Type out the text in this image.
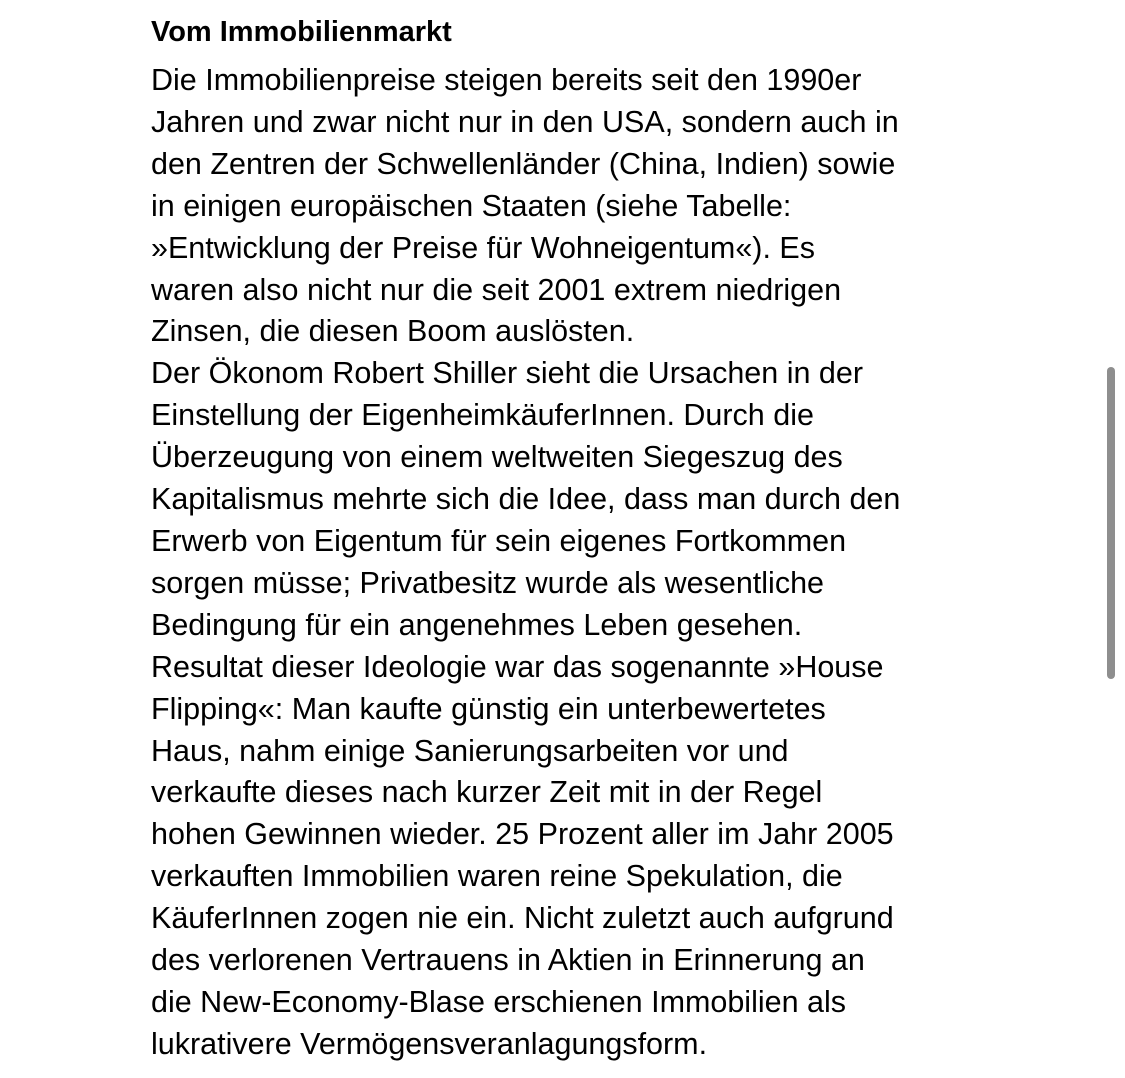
Vom Immobilienmarkt
Die Immobilienpreise steigen bereits seit den 1990er
Jahren und zwar nicht nur in den USA, sondern auch in
den Zentren der Schwellenländer (China, Indien) sowie
in einigen europäischen Staaten (siehe Tabelle:
»Entwicklung der Preise für Wohneigentum«). Es
waren also nicht nur die seit 2001 extrem niedrigen
Zinsen, die diesen Boom auslösten.
Der Ökonom Robert Shiller sieht die Ursachen in der
Einstellung der EigenheimkäuferInnen. Durch die
Überzeugung von einem weltweiten Siegeszug des
Kapitalismus mehrte sich die Idee, dass man durch den
Erwerb von Eigentum für sein eigenes Fortkommen
sorgen müsse; Privatbesitz wurde als wesentliche
Bedingung für ein angenehmes Leben gesehen.
Resultat dieser Ideologie war das sogenannte »House
Flipping«: Man kaufte günstig ein unterbewertetes
Haus, nahm einige Sanierungsarbeiten vor und
verkaufte dieses nach kurzer Zeit mit in der Regel
hohen Gewinnen wieder. 25 Prozent aller im Jahr 2005
verkauften Immobilien waren reine Spekulation, die
KäuferInnen zogen nie ein. Nicht zuletzt auch aufgrund
des verlorenen Vertrauens in Aktien in Erinnerung an
die New-Economy-Blase erschienen Immobilien als
lukrativere Vermögensveranlagungsform.
